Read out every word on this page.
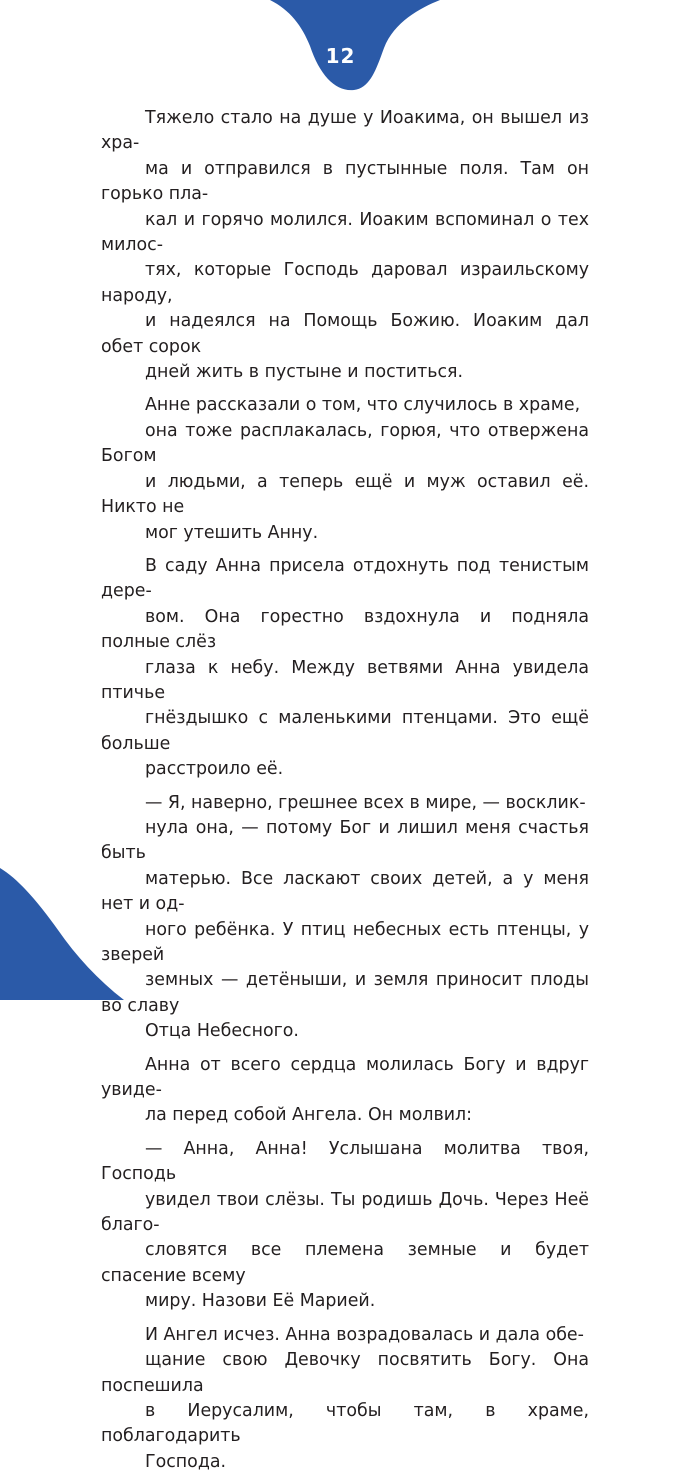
12

Тяжело стало на душе у Иоакима, он вышел из хра-
ма и отправился в пустынные поля. Там он горько пла-
кал и горячо молился. Иоаким вспоминал о тех милос-
тях, которые Господь даровал израильскому народу,
и надеялся на Помощь Божию. Иоаким дал обет сорок
дней жить в пустыне и поститься.

Анне рассказали о том, что случилось в храме,
она тоже расплакалась, горюя, что отвержена Богом
и людьми, а теперь ещё и муж оставил её. Никто не
мог утешить Анну.

В саду Анна присела отдохнуть под тенистым дере-
вом. Она горестно вздохнула и подняла полные слёз
глаза к небу. Между ветвями Анна увидела птичье
гнёздышко с маленькими птенцами. Это ещё больше
расстроило её.

— Я, наверно, грешнее всех в мире, — восклик-
нула она, — потому Бог и лишил меня счастья быть
матерью. Все ласкают своих детей, а у меня нет и од-
ного ребёнка. У птиц небесных есть птенцы, у зверей
земных — детёныши, и земля приносит плоды во славу
Отца Небесного.

Анна от всего сердца молилась Богу и вдруг увиде-
ла перед собой Ангела. Он молвил:

— Анна, Анна! Услышана молитва твоя, Господь
увидел твои слёзы. Ты родишь Дочь. Через Неё благо-
словятся все племена земные и будет спасение всему
миру. Назови Её Марией.

И Ангел исчез. Анна возрадовалась и дала обе-
щание свою Девочку посвятить Богу. Она поспешила
в Иерусалим, чтобы там, в храме, поблагодарить
Господа.
